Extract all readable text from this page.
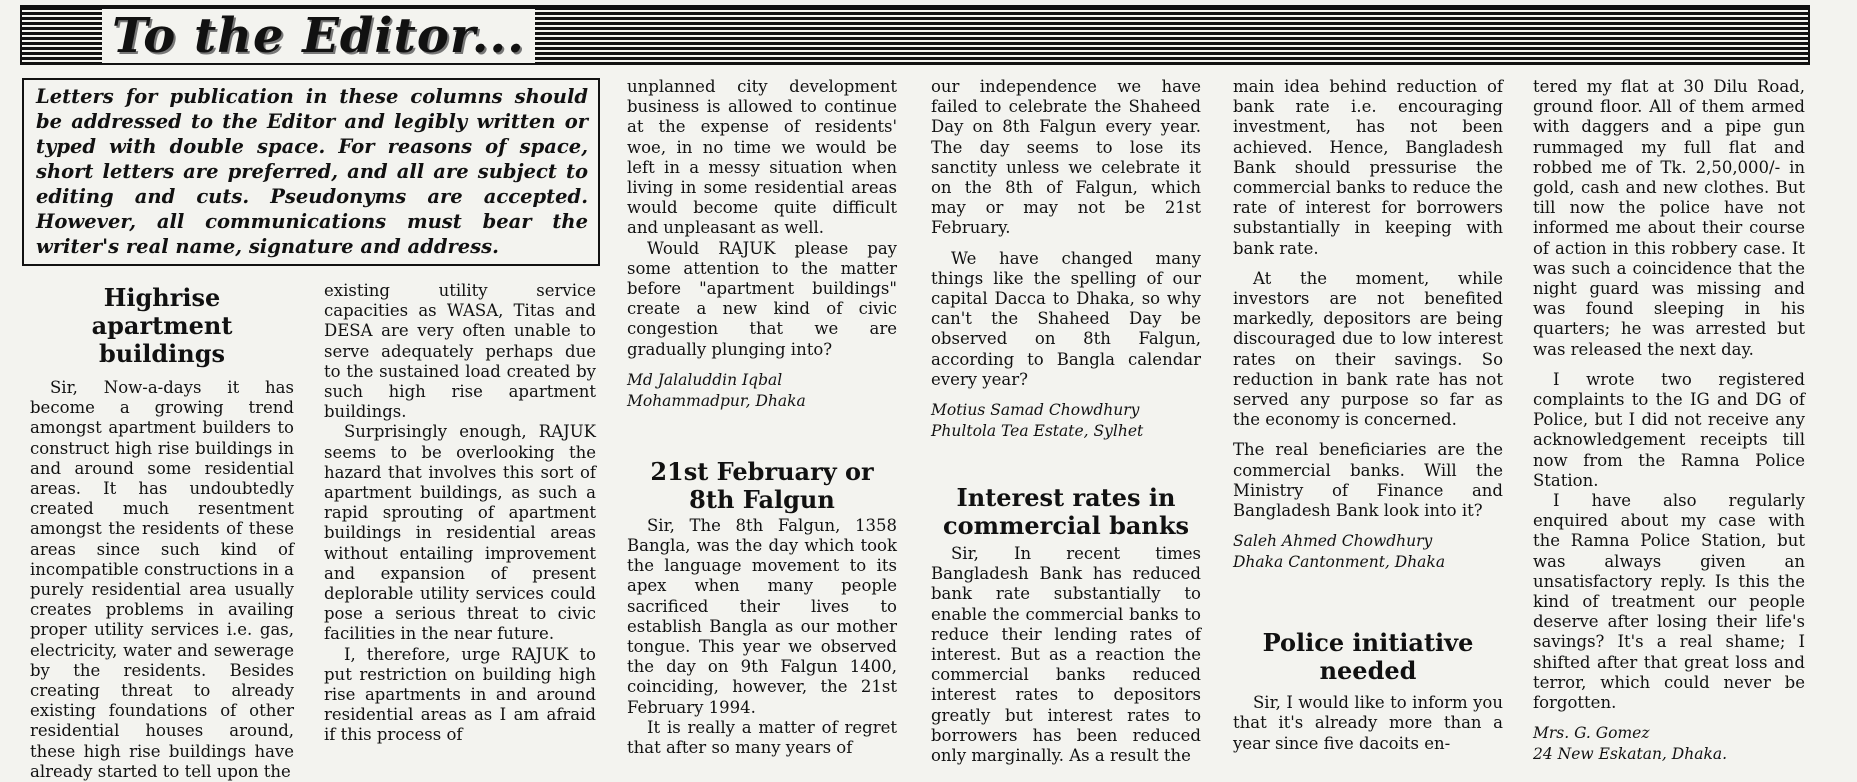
To the Editor...
Letters for publication in these columns should be addressed to the Editor and legibly written or typed with double space. For reasons of space, short letters are preferred, and all are subject to editing and cuts. Pseudonyms are accepted. However, all communications must bear the writer's real name, signature and address.
Highrise apartment buildings

Sir, Now-a-days it has become a growing trend amongst apartment builders to construct high rise buildings in and around some residential areas. It has undoubtedly created much resentment amongst the residents of these areas since such kind of incompatible constructions in a purely residential area usually creates problems in availing proper utility services i.e. gas, electricity, water and sewerage by the residents. Besides creating threat to already existing foundations of other residential houses around, these high rise buildings have already started to tell upon the

existing utility service capacities as WASA, Titas and DESA are very often unable to serve adequately perhaps due to the sustained load created by such high rise apartment buildings.

Surprisingly enough, RAJUK seems to be overlooking the hazard that involves this sort of apartment buildings, as such a rapid sprouting of apartment buildings in residential areas without entailing improvement and expansion of present deplorable utility services could pose a serious threat to civic facilities in the near future.

I, therefore, urge RAJUK to put restriction on building high rise apartments in and around residential areas as I am afraid if this process of

unplanned city development business is allowed to continue at the expense of residents' woe, in no time we would be left in a messy situation when living in some residential areas would become quite difficult and unpleasant as well.

Would RAJUK please pay some attention to the matter before "apartment buildings" create a new kind of civic congestion that we are gradually plunging into?

Md Jalaluddin Iqbal
Mohammadpur, Dhaka
21st February or 8th Falgun

Sir, The 8th Falgun, 1358 Bangla, was the day which took the language movement to its apex when many people sacrificed their lives to establish Bangla as our mother tongue. This year we observed the day on 9th Falgun 1400, coinciding, however, the 21st February 1994.

It is really a matter of regret that after so many years of

our independence we have failed to celebrate the Shaheed Day on 8th Falgun every year. The day seems to lose its sanctity unless we celebrate it on the 8th of Falgun, which may or may not be 21st February.

We have changed many things like the spelling of our capital Dacca to Dhaka, so why can't the Shaheed Day be observed on 8th Falgun, according to Bangla calendar every year?

Motius Samad Chowdhury
Phultola Tea Estate, Sylhet
Interest rates in commercial banks

Sir, In recent times Bangladesh Bank has reduced bank rate substantially to enable the commercial banks to reduce their lending rates of interest. But as a reaction the commercial banks reduced interest rates to depositors greatly but interest rates to borrowers has been reduced only marginally. As a result the

main idea behind reduction of bank rate i.e. encouraging investment, has not been achieved. Hence, Bangladesh Bank should pressurise the commercial banks to reduce the rate of interest for borrowers substantially in keeping with bank rate.

At the moment, while investors are not benefited markedly, depositors are being discouraged due to low interest rates on their savings. So reduction in bank rate has not served any purpose so far as the economy is concerned.

The real beneficiaries are the commercial banks. Will the Ministry of Finance and Bangladesh Bank look into it?

Saleh Ahmed Chowdhury
Dhaka Cantonment, Dhaka
Police initiative needed

Sir, I would like to inform you that it's already more than a year since five dacoits en-

tered my flat at 30 Dilu Road, ground floor. All of them armed with daggers and a pipe gun rummaged my full flat and robbed me of Tk. 2,50,000/- in gold, cash and new clothes. But till now the police have not informed me about their course of action in this robbery case. It was such a coincidence that the night guard was missing and was found sleeping in his quarters; he was arrested but was released the next day.

I wrote two registered complaints to the IG and DG of Police, but I did not receive any acknowledgement receipts till now from the Ramna Police Station.

I have also regularly enquired about my case with the Ramna Police Station, but was always given an unsatisfactory reply. Is this the kind of treatment our people deserve after losing their life's savings? It's a real shame; I shifted after that great loss and terror, which could never be forgotten.

Mrs. G. Gomez
24 New Eskatan, Dhaka.
